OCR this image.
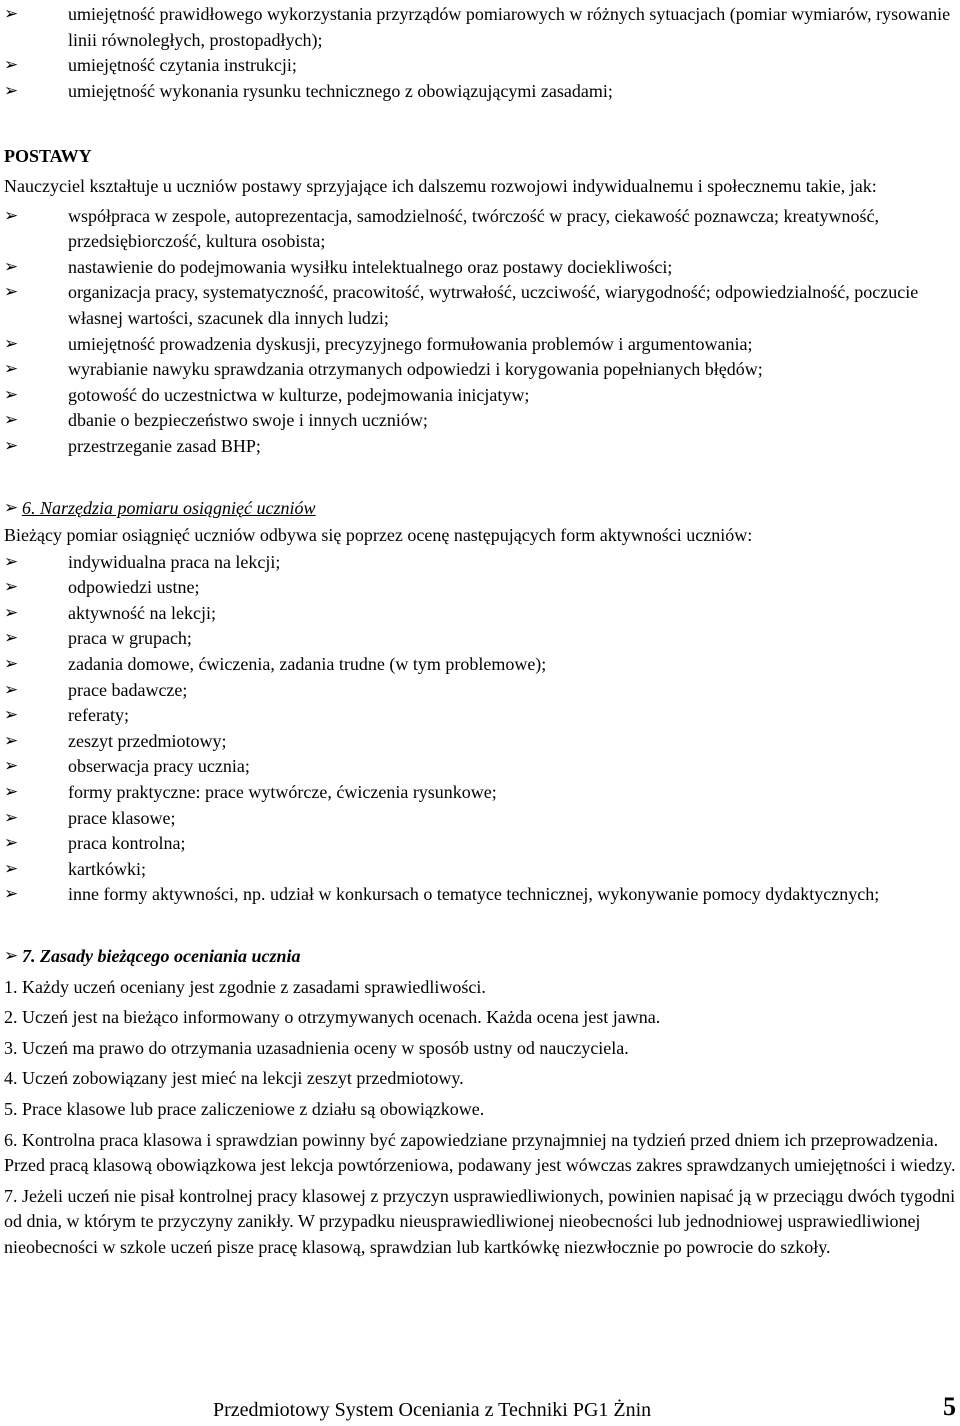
➢	umiejętność prawidłowego wykorzystania przyrządów pomiarowych w różnych sytuacjach (pomiar wymiarów, rysowanie linii równoległych, prostopadłych);
➢	umiejętność czytania instrukcji;
➢	umiejętność wykonania rysunku technicznego z obowiązującymi zasadami;
POSTAWY
Nauczyciel kształtuje u uczniów postawy sprzyjające ich dalszemu rozwojowi indywidualnemu i społecznemu takie, jak:
➢	współpraca w zespole, autoprezentacja, samodzielność, twórczość w pracy, ciekawość poznawcza; kreatywność, przedsiębiorczość, kultura osobista;
➢	nastawienie do podejmowania wysiłku intelektualnego oraz postawy dociekliwości;
➢	organizacja pracy, systematyczność, pracowitość, wytrwałość, uczciwość, wiarygodność; odpowiedzialność, poczucie własnej wartości, szacunek dla innych ludzi;
➢	umiejętność prowadzenia dyskusji, precyzyjnego formułowania problemów i argumentowania;
➢	wyrabianie nawyku sprawdzania otrzymanych odpowiedzi i korygowania popełnianych błędów;
➢	gotowość do uczestnictwa w kulturze, podejmowania inicjatyw;
➢	dbanie o bezpieczeństwo swoje i innych uczniów;
➢	przestrzeganie zasad BHP;
➢ 6. Narzędzia pomiaru osiągnięć uczniów
Bieżący pomiar osiągnięć uczniów odbywa się poprzez ocenę następujących form aktywności uczniów:
➢	indywidualna praca na lekcji;
➢	odpowiedzi ustne;
➢	aktywność na lekcji;
➢	praca w grupach;
➢	zadania domowe, ćwiczenia, zadania trudne (w tym problemowe);
➢	prace badawcze;
➢	referaty;
➢	zeszyt przedmiotowy;
➢	obserwacja pracy ucznia;
➢	formy praktyczne: prace wytwórcze, ćwiczenia rysunkowe;
➢	prace klasowe;
➢	praca kontrolna;
➢	kartkówki;
➢	inne formy aktywności, np. udział w konkursach o tematyce technicznej, wykonywanie pomocy dydaktycznych;
➢ 7. Zasady bieżącego oceniania ucznia

1. Każdy uczeń oceniany jest zgodnie z zasadami sprawiedliwości.

2. Uczeń jest na bieżąco informowany o otrzymywanych ocenach. Każda ocena jest jawna.

3. Uczeń ma prawo do otrzymania uzasadnienia oceny w sposób ustny od nauczyciela.

4. Uczeń zobowiązany jest mieć na lekcji zeszyt przedmiotowy.

5. Prace klasowe lub prace zaliczeniowe z działu są obowiązkowe.

6. Kontrolna praca klasowa i sprawdzian powinny być zapowiedziane przynajmniej na tydzień przed dniem ich przeprowadzenia. Przed pracą klasową obowiązkowa jest lekcja powtórzeniowa, podawany jest wówczas zakres sprawdzanych umiejętności i wiedzy.

7. Jeżeli uczeń nie pisał kontrolnej pracy klasowej z przyczyn usprawiedliwionych, powinien napisać ją w przeciągu dwóch tygodni od dnia, w którym te przyczyny zanikły. W przypadku nieusprawiedliwionej nieobecności lub jednodniowej usprawiedliwionej nieobecności w szkole uczeń pisze pracę klasową, sprawdzian lub kartkówkę niezwłocznie po powrocie do szkoły.

Przedmiotowy System Oceniania z Techniki PG1 Żnin	5
